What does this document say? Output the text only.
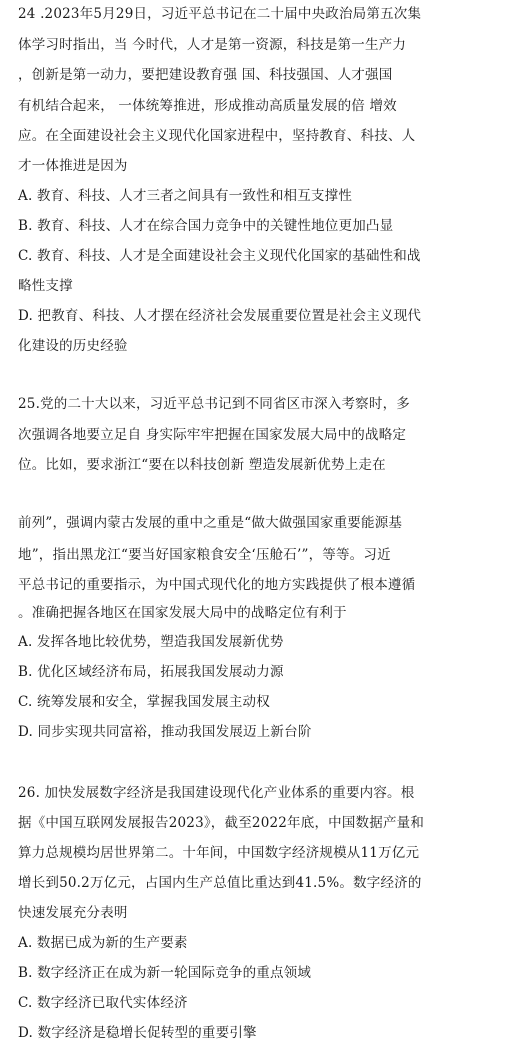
24 .2023年5月29日，习近平总书记在二十届中央政治局第五次集
体学习时指出，当 今时代，人才是第一资源，科技是第一生产力
，创新是第一动力，要把建设教育强 国、科技强国、人才强国
有机结合起来， 一体统筹推进，形成推动高质量发展的倍 增效
应。在全面建设社会主义现代化国家进程中，坚持教育、科技、人
才一体推进是因为
A. 教育、科技、人才三者之间具有一致性和相互支撑性
B. 教育、科技、人才在综合国力竞争中的关键性地位更加凸显
C. 教育、科技、人才是全面建设社会主义现代化国家的基础性和战
略性支撑
D. 把教育、科技、人才摆在经济社会发展重要位置是社会主义现代
化建设的历史经验
25.党的二十大以来，习近平总书记到不同省区市深入考察时，多
次强调各地要立足自 身实际牢牢把握在国家发展大局中的战略定
位。比如，要求浙江“要在以科技创新 塑造发展新优势上走在
前列”，强调内蒙古发展的重中之重是“做大做强国家重要能源基
地”，指出黑龙江“要当好国家粮食安全‘压舱石’”，等等。习近
平总书记的重要指示，为中国式现代化的地方实践提供了根本遵循
。准确把握各地区在国家发展大局中的战略定位有利于
A. 发挥各地比较优势，塑造我国发展新优势
B. 优化区域经济布局，拓展我国发展动力源
C. 统筹发展和安全，掌握我国发展主动权
D. 同步实现共同富裕，推动我国发展迈上新台阶
26. 加快发展数字经济是我国建设现代化产业体系的重要内容。根
据《中国互联网发展报告2023》，截至2022年底，中国数据产量和
算力总规模均居世界第二。十年间，中国数字经济规模从11万亿元
增长到50.2万亿元，占国内生产总值比重达到41.5%。数字经济的
快速发展充分表明
A. 数据已成为新的生产要素
B. 数字经济正在成为新一轮国际竞争的重点领域
C. 数字经济已取代实体经济
D. 数字经济是稳增长促转型的重要引擎
